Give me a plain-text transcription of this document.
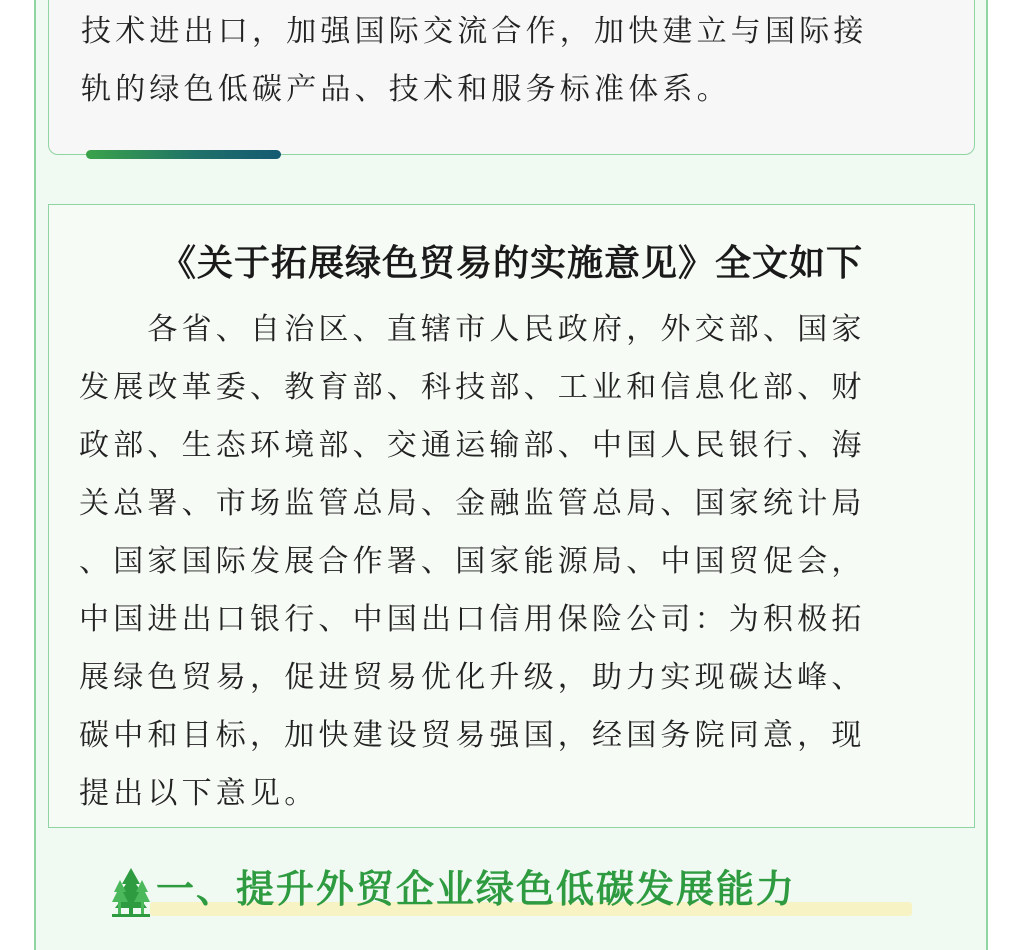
技术进出口，加强国际交流合作，加快建立与国际接
轨的绿色低碳产品、技术和服务标准体系。
《关于拓展绿色贸易的实施意见》全文如下
　　各省、自治区、直辖市人民政府，外交部、国家
发展改革委、教育部、科技部、工业和信息化部、财
政部、生态环境部、交通运输部、中国人民银行、海
关总署、市场监管总局、金融监管总局、国家统计局
、国家国际发展合作署、国家能源局、中国贸促会，
中国进出口银行、中国出口信用保险公司：为积极拓
展绿色贸易，促进贸易优化升级，助力实现碳达峰、
碳中和目标，加快建设贸易强国，经国务院同意，现
提出以下意见。
一、提升外贸企业绿色低碳发展能力
